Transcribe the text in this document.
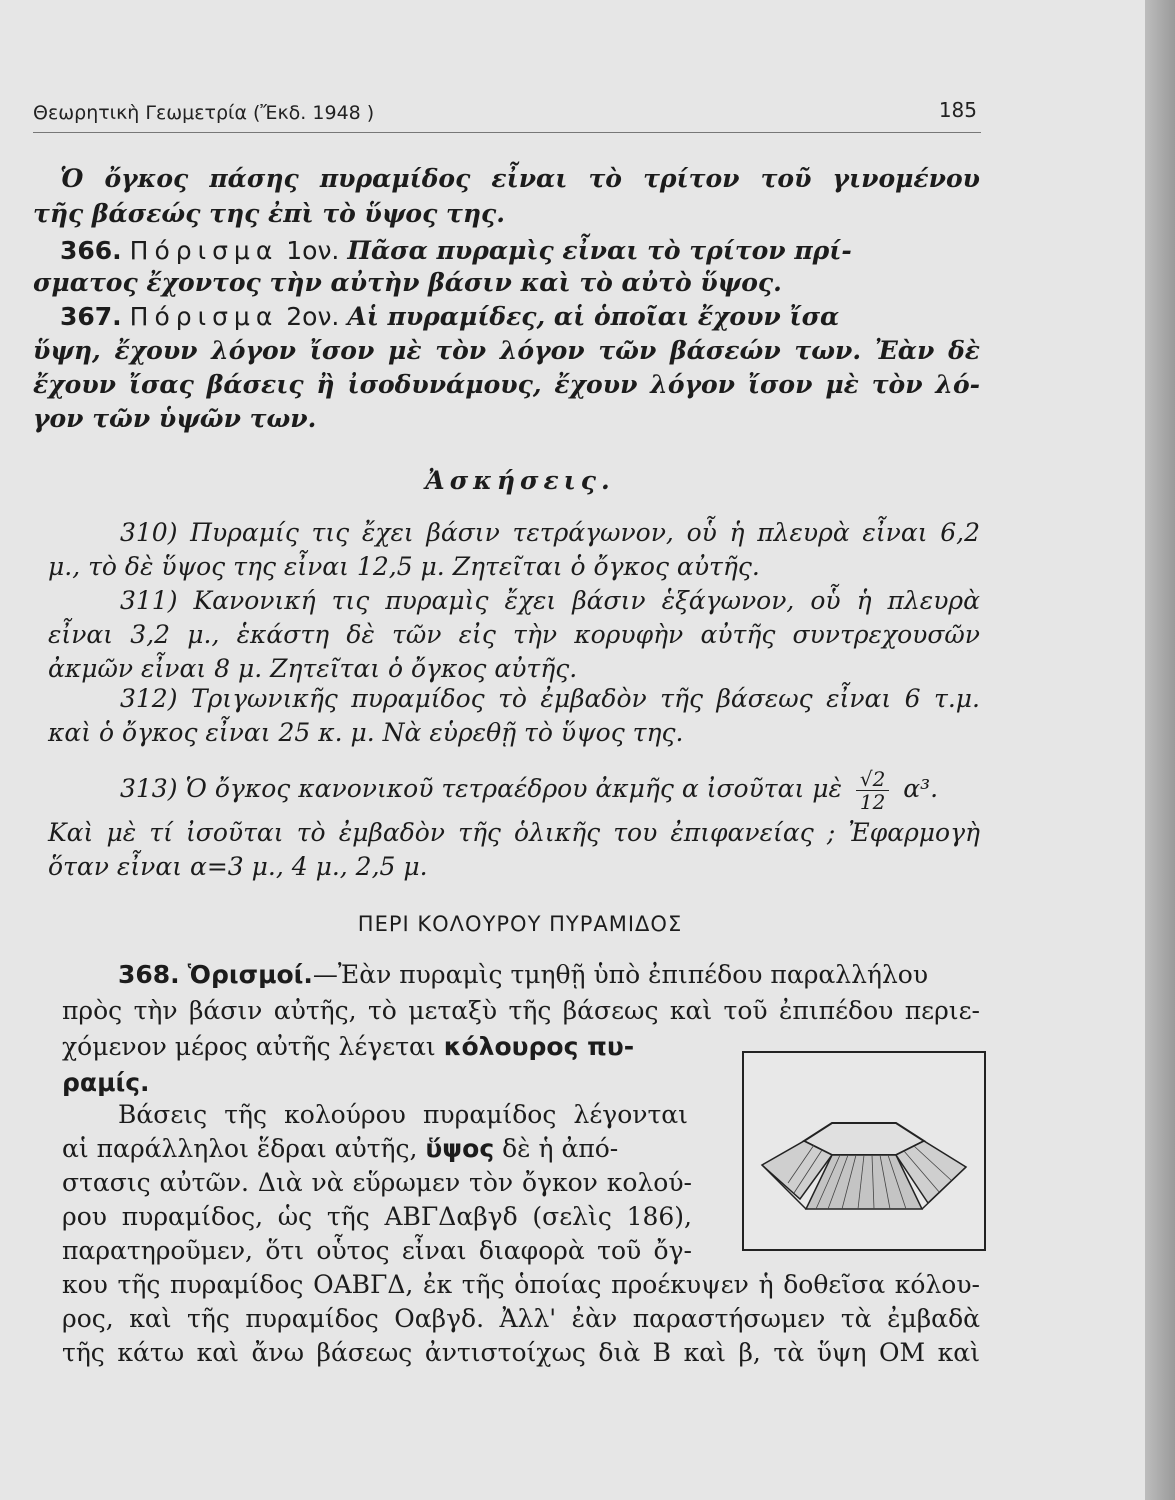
Θεωρητικὴ Γεωμετρία (Ἔκδ. 1948 )	185
Ὁ ὄγκος πάσης πυραμίδος εἶναι τὸ τρίτον τοῦ γινομένου
τῆς βάσεώς της ἐπὶ τὸ ὕψος της.
366. Πόρισμα 1ον. Πᾶσα πυραμὶς εἶναι τὸ τρίτον πρί-
σματος ἔχοντος τὴν αὐτὴν βάσιν καὶ τὸ αὐτὸ ὕψος.
367. Πόρισμα 2ον. Αἱ πυραμίδες, αἱ ὁποῖαι ἔχουν ἴσα
ὕψη, ἔχουν λόγον ἴσον μὲ τὸν λόγον τῶν βάσεών των. Ἐὰν δὲ
ἔχουν ἴσας βάσεις ἢ ἰσοδυνάμους, ἔχουν λόγον ἴσον μὲ τὸν λό-
γον τῶν ὑψῶν των.
Ἀσκήσεις.
310) Πυραμίς τις ἔχει βάσιν τετράγωνον, οὗ ἡ πλευρὰ εἶναι 6,2
μ., τὸ δὲ ὕψος της εἶναι 12,5 μ. Ζητεῖται ὁ ὄγκος αὐτῆς.
311) Κανονική τις πυραμὶς ἔχει βάσιν ἑξάγωνον, οὗ ἡ πλευρὰ
εἶναι 3,2 μ., ἑκάστη δὲ τῶν εἰς τὴν κορυφὴν αὐτῆς συντρεχουσῶν
ἀκμῶν εἶναι 8 μ. Ζητεῖται ὁ ὄγκος αὐτῆς.
312) Τριγωνικῆς πυραμίδος τὸ ἐμβαδὸν τῆς βάσεως εἶναι 6 τ.μ.
καὶ ὁ ὄγκος εἶναι 25 κ. μ. Νὰ εὑρεθῇ τὸ ὕψος της.
313) Ὁ ὄγκος κανονικοῦ τετραέδρου ἀκμῆς α ἰσοῦται μὲ $\frac{√2}{12} \alpha^3$.
Καὶ μὲ τί ἰσοῦται τὸ ἐμβαδὸν τῆς ὁλικῆς του ἐπιφανείας ; Ἐφαρμογὴ
ὅταν εἶναι α=3 μ., 4 μ., 2,5 μ.
ΠΕΡΙ ΚΟΛΟΥΡΟΥ ΠΥΡΑΜΙΔΟΣ
368. Ὁρισμοί.—Ἐὰν πυραμὶς τμηθῇ ὑπὸ ἐπιπέδου παραλλήλου
πρὸς τὴν βάσιν αὐτῆς, τὸ μεταξὺ τῆς βάσεως καὶ τοῦ ἐπιπέδου περιε-
χόμενον μέρος αὐτῆς λέγεται κόλουρος πυ-
ραμίς.
Βάσεις τῆς κολούρου πυραμίδος λέγονται
αἱ παράλληλοι ἕδραι αὐτῆς, ὕψος δὲ ἡ ἀπό-
στασις αὐτῶν. Διὰ νὰ εὕρωμεν τὸν ὄγκον κολού-
ρου πυραμίδος, ὡς τῆς ΑΒΓΔαβγδ (σελὶς 186),
παρατηροῦμεν, ὅτι οὗτος εἶναι διαφορὰ τοῦ ὄγ-
κου τῆς πυραμίδος ΟΑΒΓΔ, ἐκ τῆς ὁποίας προέκυψεν ἡ δοθεῖσα κόλου-
ρος, καὶ τῆς πυραμίδος Οαβγδ. Ἀλλ' ἐὰν παραστήσωμεν τὰ ἐμβαδὰ
τῆς κάτω καὶ ἄνω βάσεως ἀντιστοίχως διὰ Β καὶ β, τὰ ὕψη ΟΜ καὶ
